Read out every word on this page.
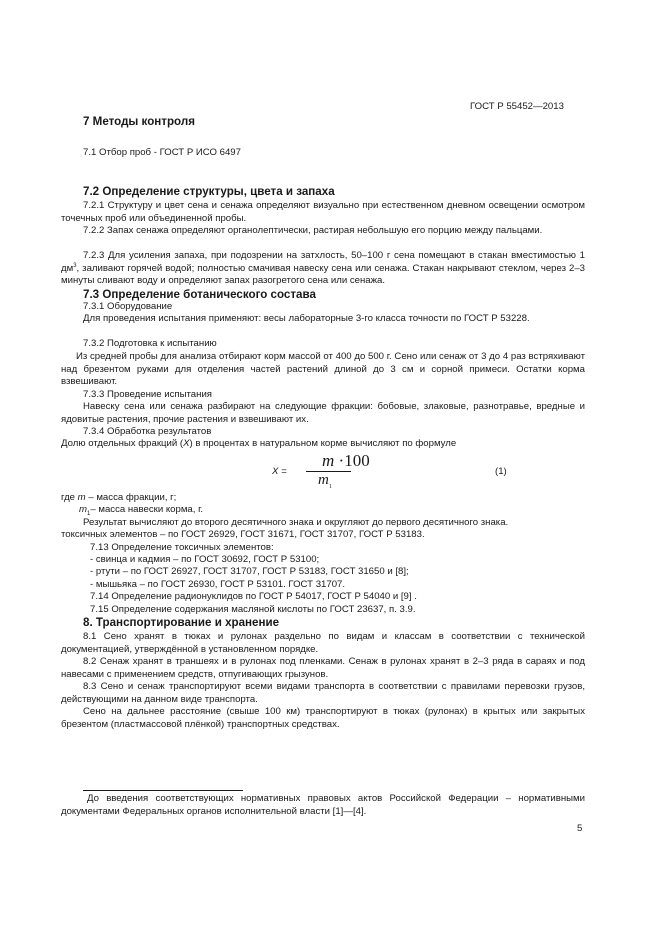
ГОСТ Р 55452—2013
7 Методы контроля
7.1 Отбор проб - ГОСТ Р ИСО 6497
7.2 Определение структуры, цвета и запаха
7.2.1 Структуру и цвет сена и сенажа определяют визуально при естественном дневном освещении осмотром точечных проб или объединенной пробы.
7.2.2 Запах сенажа определяют органолептически, растирая небольшую его порцию между пальцами.
7.2.3 Для усиления запаха, при подозрении на затхлость, 50–100 г сена помещают в стакан вместимостью 1 $дм^3$, заливают горячей водой; полностью смачивая навеску сена или сенажа. Стакан накрывают стеклом, через 2–3 минуты сливают воду и определяют запах разогретого сена или сенажа.
7.3 Определение ботанического состава
7.3.1 Оборудование
Для проведения испытания применяют: весы лабораторные 3-го класса точности по ГОСТ Р 53228.
7.3.2 Подготовка к испытанию
Из средней пробы для анализа отбирают корм массой от 400 до 500 г. Сено или сенаж от 3 до 4 раз встряхивают над брезентом руками для отделения частей растений длиной до 3 см и сорной примеси. Остатки корма взвешивают.
7.3.3 Проведение испытания
Навеску сена или сенажа разбирают на следующие фракции: бобовые, злаковые, разнотравье, вредные и ядовитые растения, прочие растения и взвешивают их.
7.3.4 Обработка результатов
Долю отдельных фракций (X) в процентах в натуральном корме вычисляют по формуле
X =
m ·100
$m_1$
(1)
где m – масса фракции, г;
$m_1-$ масса навески корма, г.
Результат вычисляют до второго десятичного знака и округляют до первого десятичного знака.
токсичных элементов – по ГОСТ 26929, ГОСТ 31671, ГОСТ 31707, ГОСТ Р 53183.
7.13 Определение токсичных элементов:
- свинца и кадмия – по ГОСТ 30692, ГОСТ Р 53100;
- ртути – по ГОСТ 26927, ГОСТ 31707, ГОСТ Р 53183, ГОСТ 31650 и [8];
- мышьяка – по ГОСТ 26930, ГОСТ Р 53101. ГОСТ 31707.
7.14 Определение радионуклидов по ГОСТ Р 54017, ГОСТ Р 54040 и [9] .
7.15 Определение содержания масляной кислоты по ГОСТ 23637, п. 3.9.
8. Транспортирование и хранение
8.1 Сено хранят в тюках и рулонах раздельно по видам и классам в соответствии с технической документацией, утверждённой в установленном порядке.
8.2 Сенаж хранят в траншеях и в рулонах под пленками. Сенаж в рулонах хранят в 2–3 ряда в сараях и под навесами с применением средств, отпугивающих грызунов.
8.3 Сено и сенаж транспортируют всеми видами транспорта в соответствии с правилами перевозки грузов, действующими на данном виде транспорта.
Сено на дальнее расстояние (свыше 100 км) транспортируют в тюках (рулонах) в крытых или закрытых брезентом (пластмассовой плёнкой) транспортных средствах.
До введения соответствующих нормативных правовых актов Российской Федерации – нормативными документами Федеральных органов исполнительной власти [1]—[4].
5
